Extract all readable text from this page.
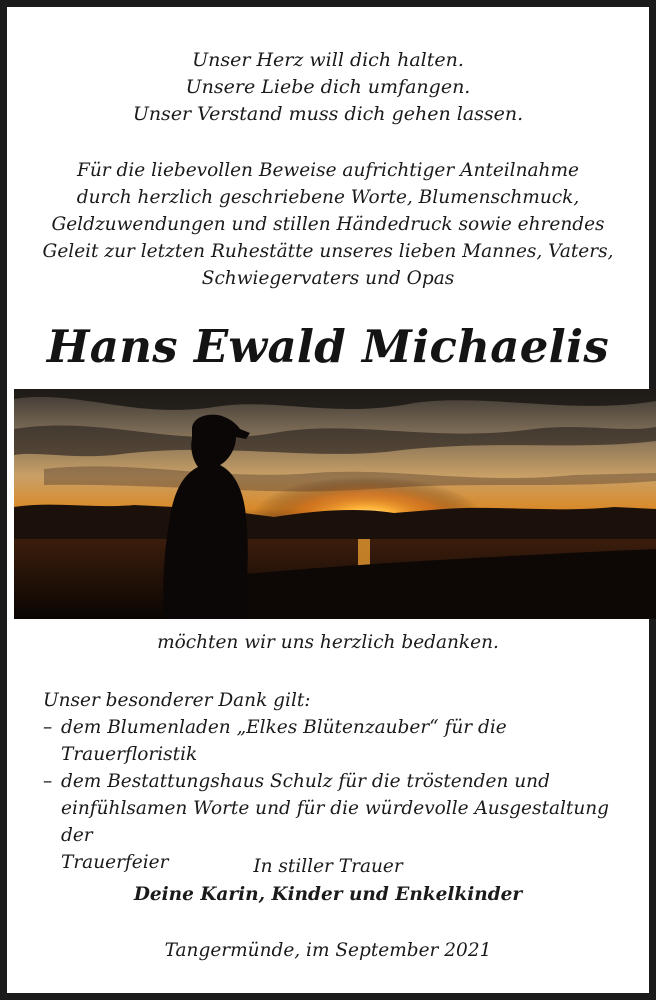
Unser Herz will dich halten.
Unsere Liebe dich umfangen.
Unser Verstand muss dich gehen lassen.
Für die liebevollen Beweise aufrichtiger Anteilnahme
durch herzlich geschriebene Worte, Blumenschmuck,
Geldzuwendungen und stillen Händedruck sowie ehrendes
Geleit zur letzten Ruhestätte unseres lieben Mannes, Vaters,
Schwiegervaters und Opas
Hans Ewald Michaelis
möchten wir uns herzlich bedanken.
Unser besonderer Dank gilt:
– dem Blumenladen „Elkes Blütenzauber“ für die Trauerfloristik
– dem Bestattungshaus Schulz für die tröstenden und
einfühlsamen Worte und für die würdevolle Ausgestaltung der
Trauerfeier	In stiller Trauer
Deine Karin, Kinder und Enkelkinder
Tangermünde, im September 2021
